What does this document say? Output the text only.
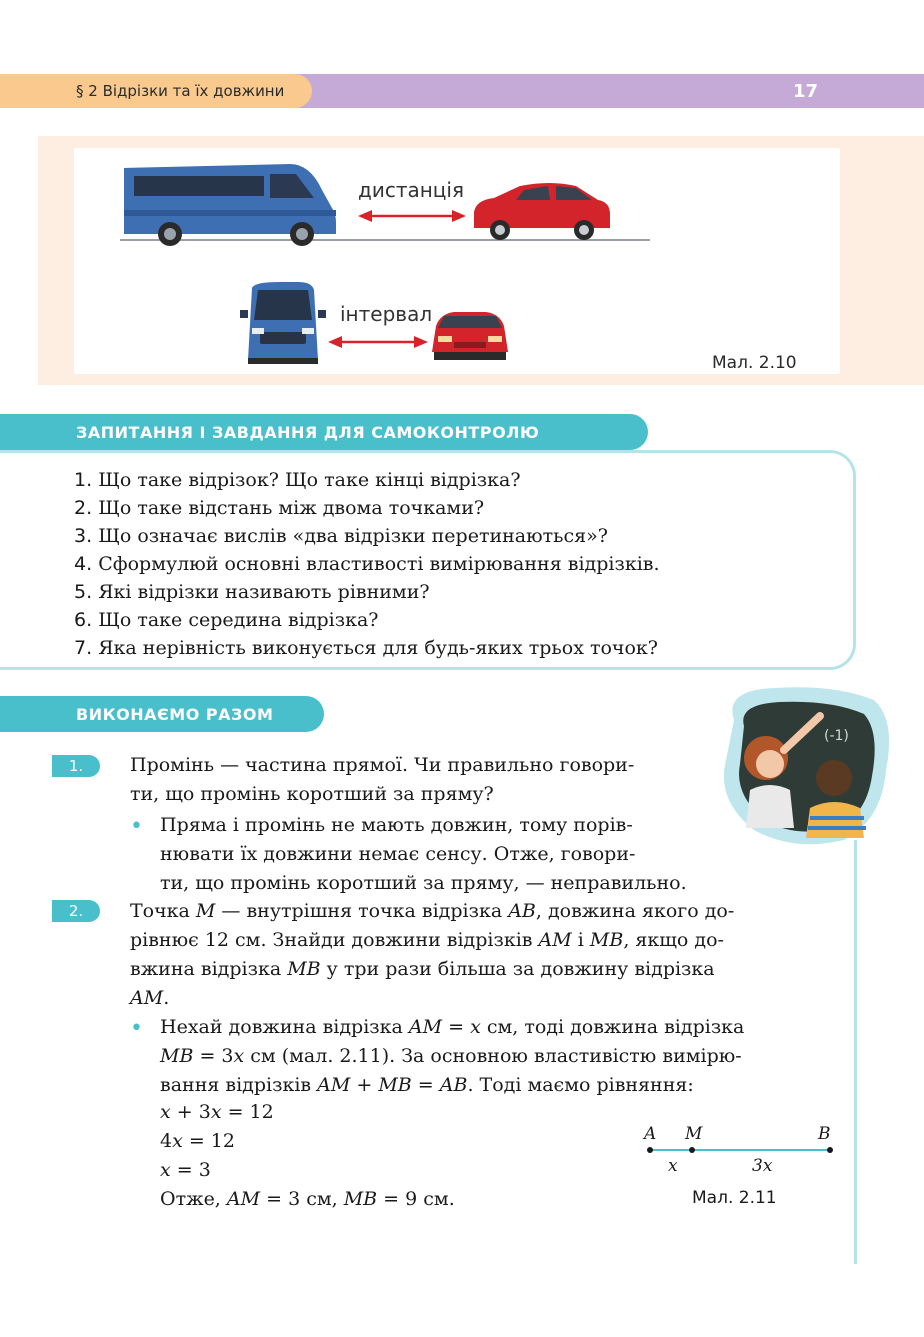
§ 2 Відрізки та їх довжини	17
дистанція
інтервал
Мал. 2.10
ЗАПИТАННЯ І ЗАВДАННЯ ДЛЯ САМОКОНТРОЛЮ
1. Що таке відрізок? Що таке кінці відрізка?
2. Що таке відстань між двома точками?
3. Що означає вислів «два відрізки перетинаються»?
4. Сформулюй основні властивості вимірювання відрізків.
5. Які відрізки називають рівними?
6. Що таке середина відрізка?
7. Яка нерівність виконується для будь-яких трьох точок?
ВИКОНАЄМО РАЗОМ
(-1)
1.	Промінь — частина прямої. Чи правильно говори-
ти, що промінь коротший за пряму?

• Пряма і промінь не мають довжин, тому порів-
нювати їх довжини немає сенсу. Отже, говори-
ти, що промінь коротший за пряму, — неправильно.

2.	Точка M — внутрішня точка відрізка AB, довжина якого до-
рівнює 12 см. Знайди довжини відрізків AM і MB, якщо до-
вжина відрізка MB у три рази більша за довжину відрізка
AM.

• Нехай довжина відрізка AM = x см, тоді довжина відрізка
MB = 3x см (мал. 2.11). За основною властивістю вимірю-
вання відрізків AM + MB = AB. Тоді маємо рівняння:

x + 3x = 12
4x = 12
x = 3
Отже, AM = 3 см, MB = 9 см.
A M	B
x	3x
Мал. 2.11
